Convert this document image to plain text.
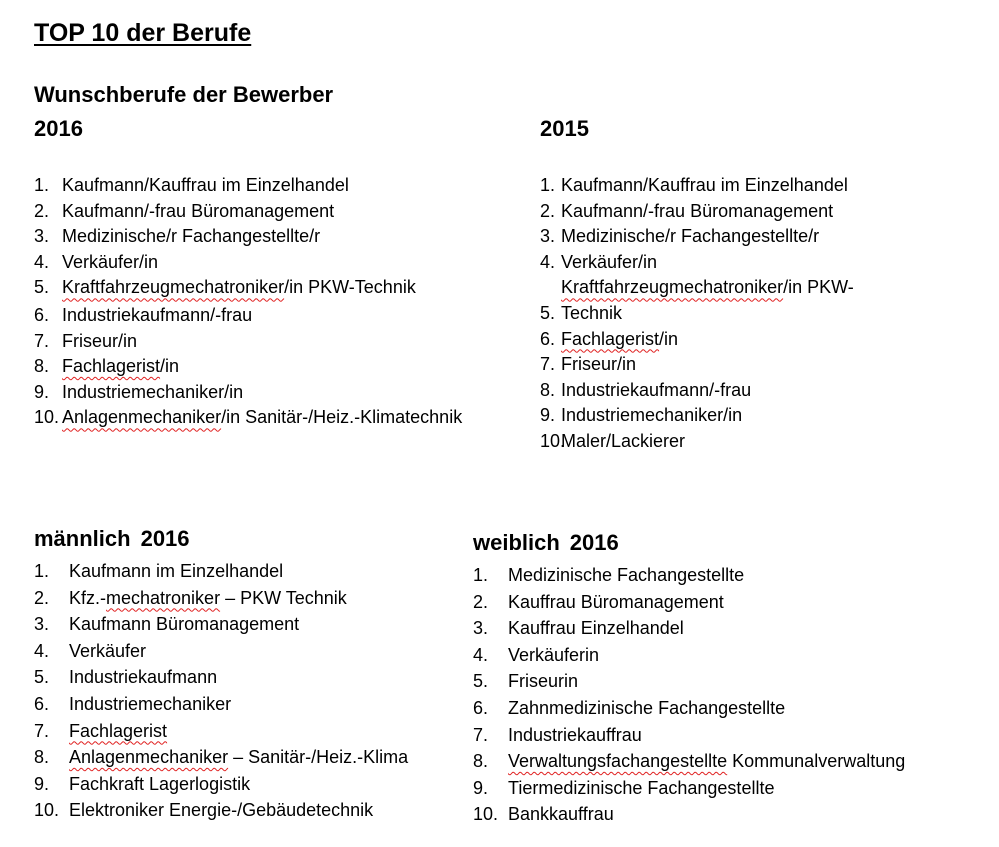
TOP 10 der Berufe
Wunschberufe der Bewerber
2016	2015
1. Kaufmann/Kauffrau im Einzelhandel
2. Kaufmann/-frau Büromanagement
3. Medizinische/r Fachangestellte/r
4. Verkäufer/in
5. Kraftfahrzeugmechatroniker/in PKW-Technik
6. Industriekaufmann/-frau
7. Friseur/in
8. Fachlagerist/in
9. Industriemechaniker/in
10. Anlagenmechaniker/in Sanitär-/Heiz.-Klimatechnik
1. Kaufmann/Kauffrau im Einzelhandel
2. Kaufmann/-frau Büromanagement
3. Medizinische/r Fachangestellte/r
4. Verkäufer/in
5.Kraftfahrzeugmechatroniker/in PKW-
Technik
6. Fachlagerist/in
7. Friseur/in
8. Industriekaufmann/-frau
9. Industriemechaniker/in
10.Maler/Lackierer
männlich 2016	weiblich 2016
1. Kaufmann im Einzelhandel
2. Kfz.-mechatroniker – PKW Technik
3. Kaufmann Büromanagement
4. Verkäufer
5. Industriekaufmann
6. Industriemechaniker
7. Fachlagerist
8. Anlagenmechaniker – Sanitär-/Heiz.-Klima
9. Fachkraft Lagerlogistik
10. Elektroniker Energie-/Gebäudetechnik
1. Medizinische Fachangestellte
2. Kauffrau Büromanagement
3. Kauffrau Einzelhandel
4. Verkäuferin
5. Friseurin
6. Zahnmedizinische Fachangestellte
7. Industriekauffrau
8. Verwaltungsfachangestellte Kommunalverwaltung
9. Tiermedizinische Fachangestellte
10. Bankkauffrau
